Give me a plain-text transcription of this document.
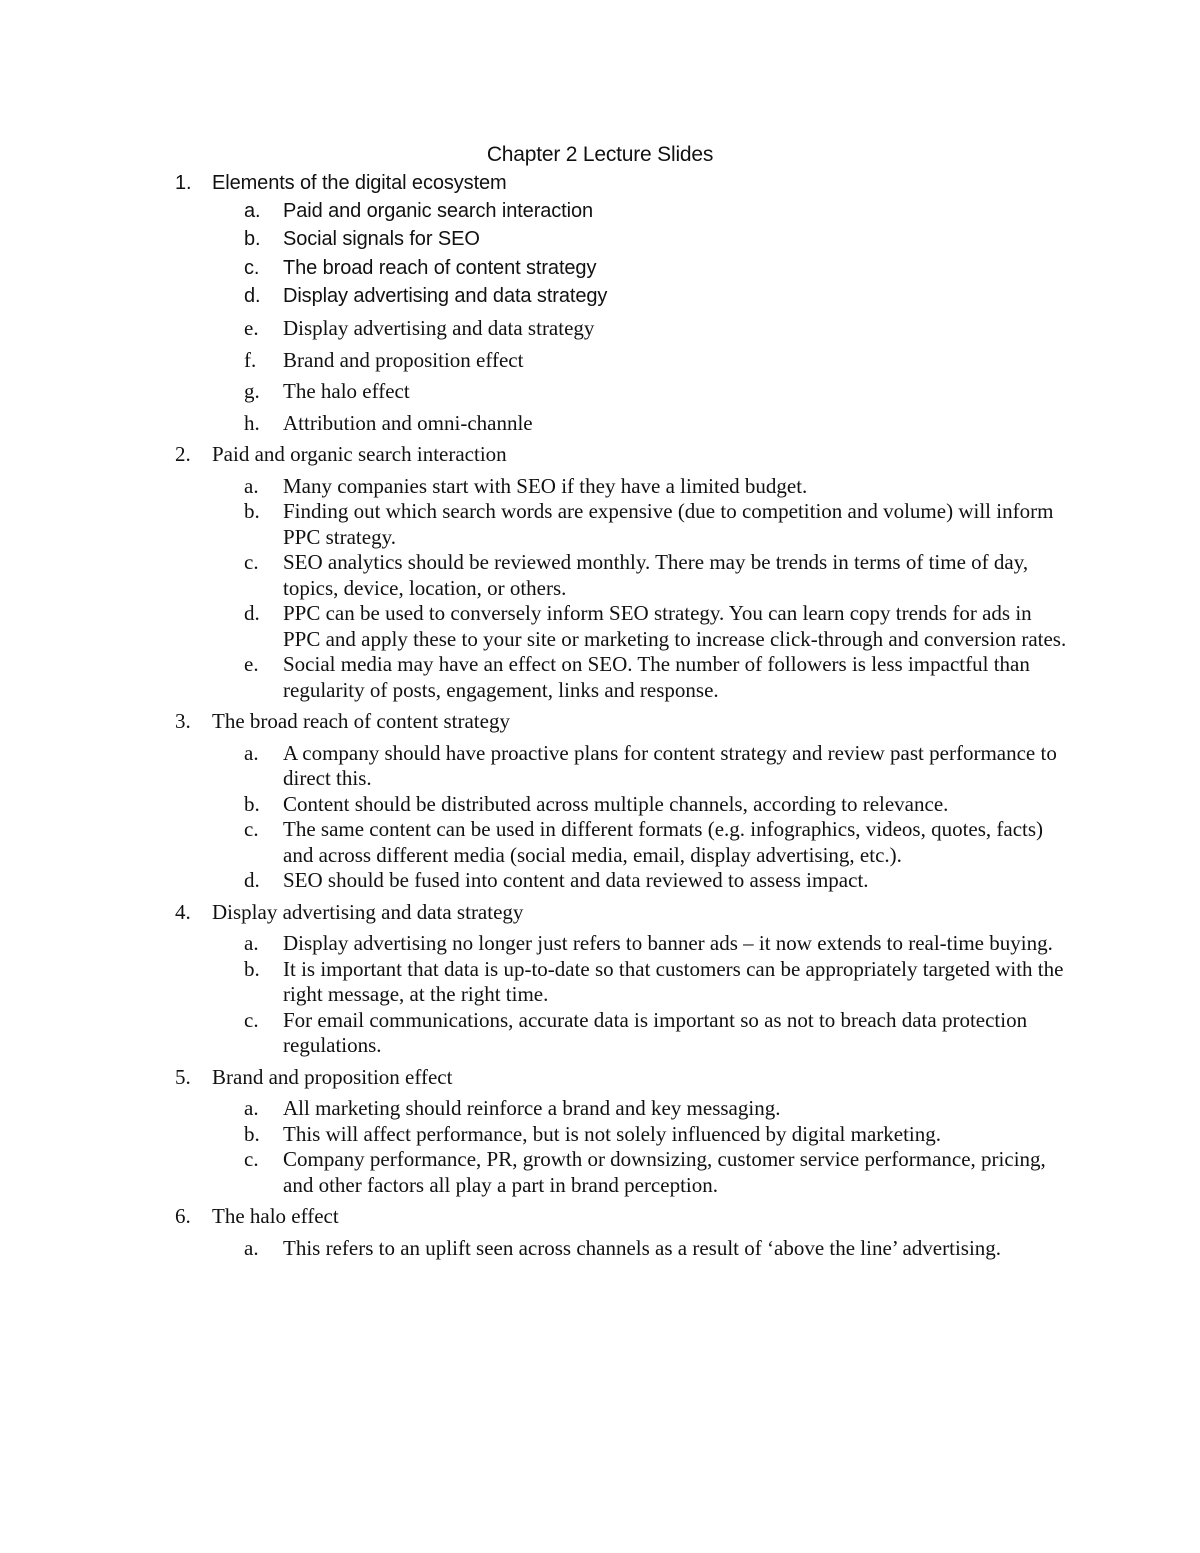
Chapter 2 Lecture Slides
1. Elements of the digital ecosystem
a. Paid and organic search interaction
b. Social signals for SEO
c. The broad reach of content strategy
d. Display advertising and data strategy
e. Display advertising and data strategy
f. Brand and proposition effect
g. The halo effect
h. Attribution and omni-channle
2. Paid and organic search interaction
a. Many companies start with SEO if they have a limited budget.
b. Finding out which search words are expensive (due to competition and volume) will inform PPC strategy.
c. SEO analytics should be reviewed monthly. There may be trends in terms of time of day, topics, device, location, or others.
d. PPC can be used to conversely inform SEO strategy. You can learn copy trends for ads in PPC and apply these to your site or marketing to increase click-through and conversion rates.
e. Social media may have an effect on SEO. The number of followers is less impactful than regularity of posts, engagement, links and response.
3. The broad reach of content strategy
a. A company should have proactive plans for content strategy and review past performance to direct this.
b. Content should be distributed across multiple channels, according to relevance.
c. The same content can be used in different formats (e.g. infographics, videos, quotes, facts) and across different media (social media, email, display advertising, etc.).
d. SEO should be fused into content and data reviewed to assess impact.
4. Display advertising and data strategy
a. Display advertising no longer just refers to banner ads – it now extends to real-time buying.
b. It is important that data is up-to-date so that customers can be appropriately targeted with the right message, at the right time.
c. For email communications, accurate data is important so as not to breach data protection regulations.
5. Brand and proposition effect
a. All marketing should reinforce a brand and key messaging.
b. This will affect performance, but is not solely influenced by digital marketing.
c. Company performance, PR, growth or downsizing, customer service performance, pricing, and other factors all play a part in brand perception.
6. The halo effect
a. This refers to an uplift seen across channels as a result of ‘above the line’ advertising.
